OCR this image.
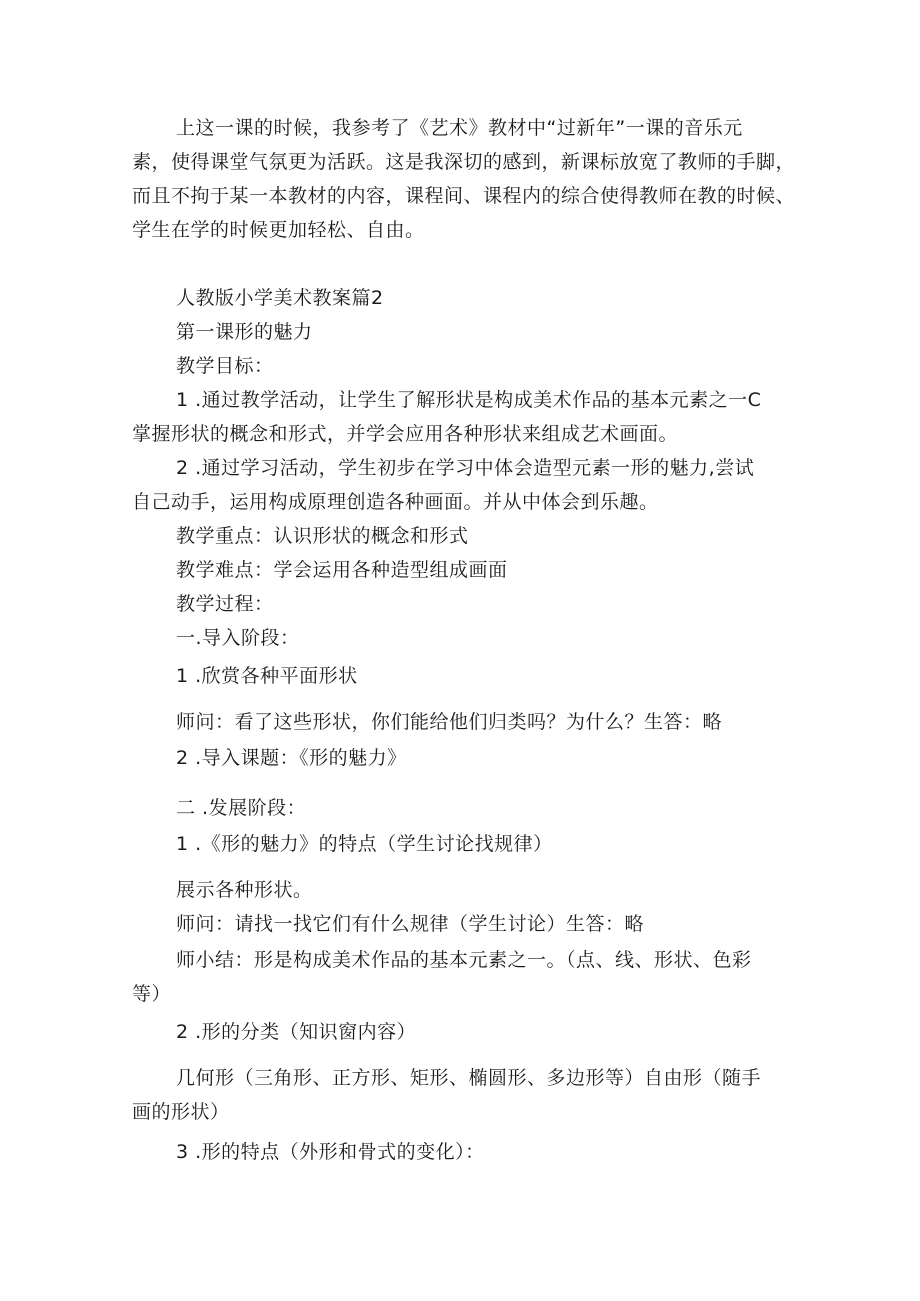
上这一课的时候，我参考了《艺术》教材中“过新年”一课的音乐元
素，使得课堂气氛更为活跃。这是我深切的感到，新课标放宽了教师的手脚，
而且不拘于某一本教材的内容，课程间、课程内的综合使得教师在教的时候、
学生在学的时候更加轻松、自由。
人教版小学美术教案篇2
第一课形的魅力
教学目标：
1 .通过教学活动，让学生了解形状是构成美术作品的基本元素之一C
掌握形状的概念和形式，并学会应用各种形状来组成艺术画面。
2 .通过学习活动，学生初步在学习中体会造型元素一形的魅力,尝试
自己动手，运用构成原理创造各种画面。并从中体会到乐趣。
教学重点：认识形状的概念和形式
教学难点：学会运用各种造型组成画面
教学过程：
一.导入阶段：
1 .欣赏各种平面形状
师问：看了这些形状，你们能给他们归类吗？为什么？生答：略
2 .导入课题：《形的魅力》
二 .发展阶段：
1 .《形的魅力》的特点（学生讨论找规律）
展示各种形状。
师问：请找一找它们有什么规律（学生讨论）生答：略
师小结：形是构成美术作品的基本元素之一。（点、线、形状、色彩
等）
2 .形的分类（知识窗内容）
几何形（三角形、正方形、矩形、椭圆形、多边形等）自由形（随手
画的形状）
3 .形的特点（外形和骨式的变化）：
